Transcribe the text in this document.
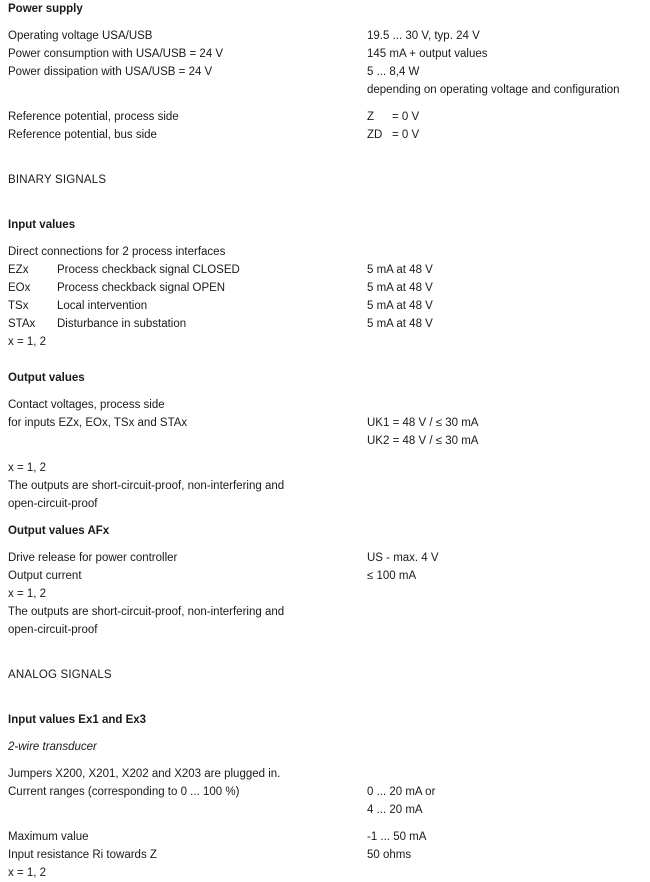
Power supply
Operating voltage USA/USB	19.5 ... 30 V, typ. 24 V
Power consumption with USA/USB = 24 V	145 mA + output values
Power dissipation with USA/USB = 24 V	5 ... 8,4 W
depending on operating voltage and configuration
Reference potential, process side	Z = 0 V
Reference potential, bus side	ZD = 0 V
BINARY SIGNALS
Input values
Direct connections for 2 process interfaces
EZx	Process checkback signal CLOSED	5 mA at 48 V
EOx	Process checkback signal OPEN	5 mA at 48 V
TSx	Local intervention	5 mA at 48 V
STAx	Disturbance in substation	5 mA at 48 V
x = 1, 2
Output values
Contact voltages, process side
for inputs EZx, EOx, TSx and STAx	UK1 = 48 V / ≤ 30 mA
UK2 = 48 V / ≤ 30 mA
x = 1, 2
The outputs are short-circuit-proof, non-interfering and
open-circuit-proof
Output values AFx
Drive release for power controller	US - max. 4 V
Output current	≤ 100 mA
x = 1, 2
The outputs are short-circuit-proof, non-interfering and
open-circuit-proof
ANALOG SIGNALS
Input values Ex1 and Ex3
2-wire transducer
Jumpers X200, X201, X202 and X203 are plugged in.
Current ranges (corresponding to 0 ... 100 %)	0 ... 20 mA or
4 ... 20 mA
Maximum value	-1 ... 50 mA
Input resistance Ri towards Z	50 ohms
x = 1, 2
